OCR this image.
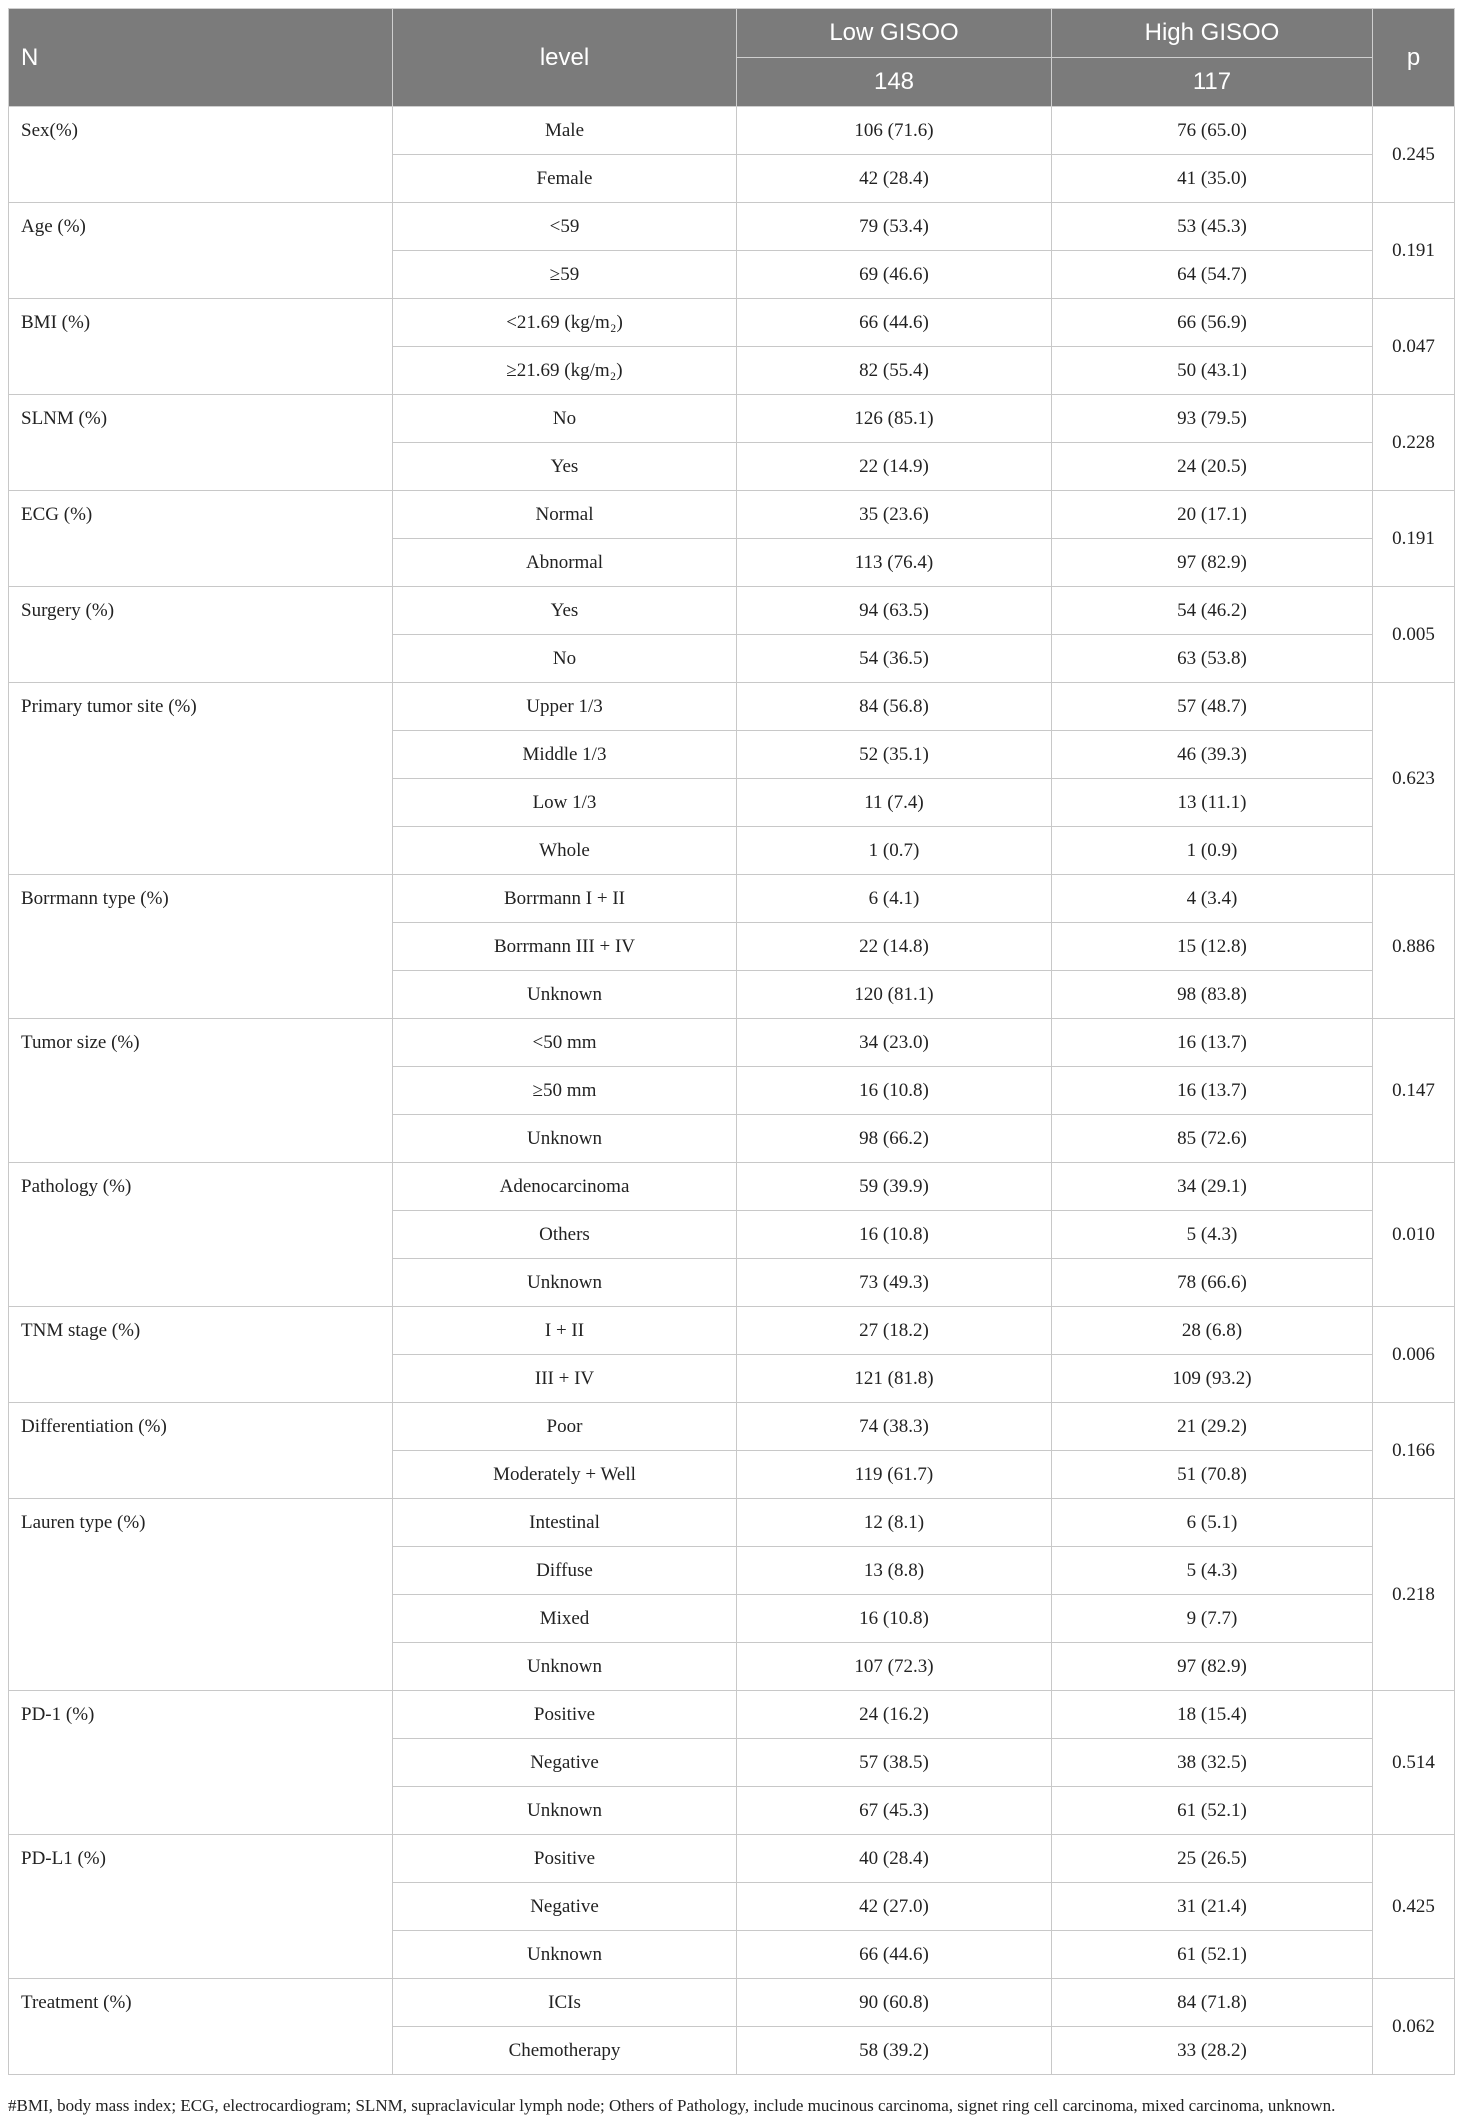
N	level	Low GISOO	High GISOO	p
		148	117	
Sex(%)	Male	106 (71.6)	76 (65.0)	0.245
	Female	42 (28.4)	41 (35.0)	
Age (%)	<59	79 (53.4)	53 (45.3)	0.191
	≥59	69 (46.6)	64 (54.7)	
BMI (%)	<21.69 (kg/m₂)	66 (44.6)	66 (56.9)	0.047
	≥21.69 (kg/m₂)	82 (55.4)	50 (43.1)	
SLNM (%)	No	126 (85.1)	93 (79.5)	0.228
	Yes	22 (14.9)	24 (20.5)	
ECG (%)	Normal	35 (23.6)	20 (17.1)	0.191
	Abnormal	113 (76.4)	97 (82.9)	
Surgery (%)	Yes	94 (63.5)	54 (46.2)	0.005
	No	54 (36.5)	63 (53.8)	
Primary tumor site (%)	Upper 1/3	84 (56.8)	57 (48.7)	0.623
	Middle 1/3	52 (35.1)	46 (39.3)	
	Low 1/3	11 (7.4)	13 (11.1)	
	Whole	1 (0.7)	1 (0.9)	
Borrmann type (%)	Borrmann I + II	6 (4.1)	4 (3.4)	0.886
	Borrmann III + IV	22 (14.8)	15 (12.8)	
	Unknown	120 (81.1)	98 (83.8)	
Tumor size (%)	<50 mm	34 (23.0)	16 (13.7)	0.147
	≥50 mm	16 (10.8)	16 (13.7)	
	Unknown	98 (66.2)	85 (72.6)	
Pathology (%)	Adenocarcinoma	59 (39.9)	34 (29.1)	0.010
	Others	16 (10.8)	5 (4.3)	
	Unknown	73 (49.3)	78 (66.6)	
TNM stage (%)	I + II	27 (18.2)	28 (6.8)	0.006
	III + IV	121 (81.8)	109 (93.2)	
Differentiation (%)	Poor	74 (38.3)	21 (29.2)	0.166
	Moderately + Well	119 (61.7)	51 (70.8)	
Lauren type (%)	Intestinal	12 (8.1)	6 (5.1)	0.218
	Diffuse	13 (8.8)	5 (4.3)	
	Mixed	16 (10.8)	9 (7.7)	
	Unknown	107 (72.3)	97 (82.9)	
PD-1 (%)	Positive	24 (16.2)	18 (15.4)	0.514
	Negative	57 (38.5)	38 (32.5)	
	Unknown	67 (45.3)	61 (52.1)	
PD-L1 (%)	Positive	40 (28.4)	25 (26.5)	0.425
	Negative	42 (27.0)	31 (21.4)	
	Unknown	66 (44.6)	61 (52.1)	
Treatment (%)	ICIs	90 (60.8)	84 (71.8)	0.062
	Chemotherapy	58 (39.2)	33 (28.2)	
#BMI, body mass index; ECG, electrocardiogram; SLNM, supraclavicular lymph node; Others of Pathology, include mucinous carcinoma, signet ring cell carcinoma, mixed carcinoma, unknown.
